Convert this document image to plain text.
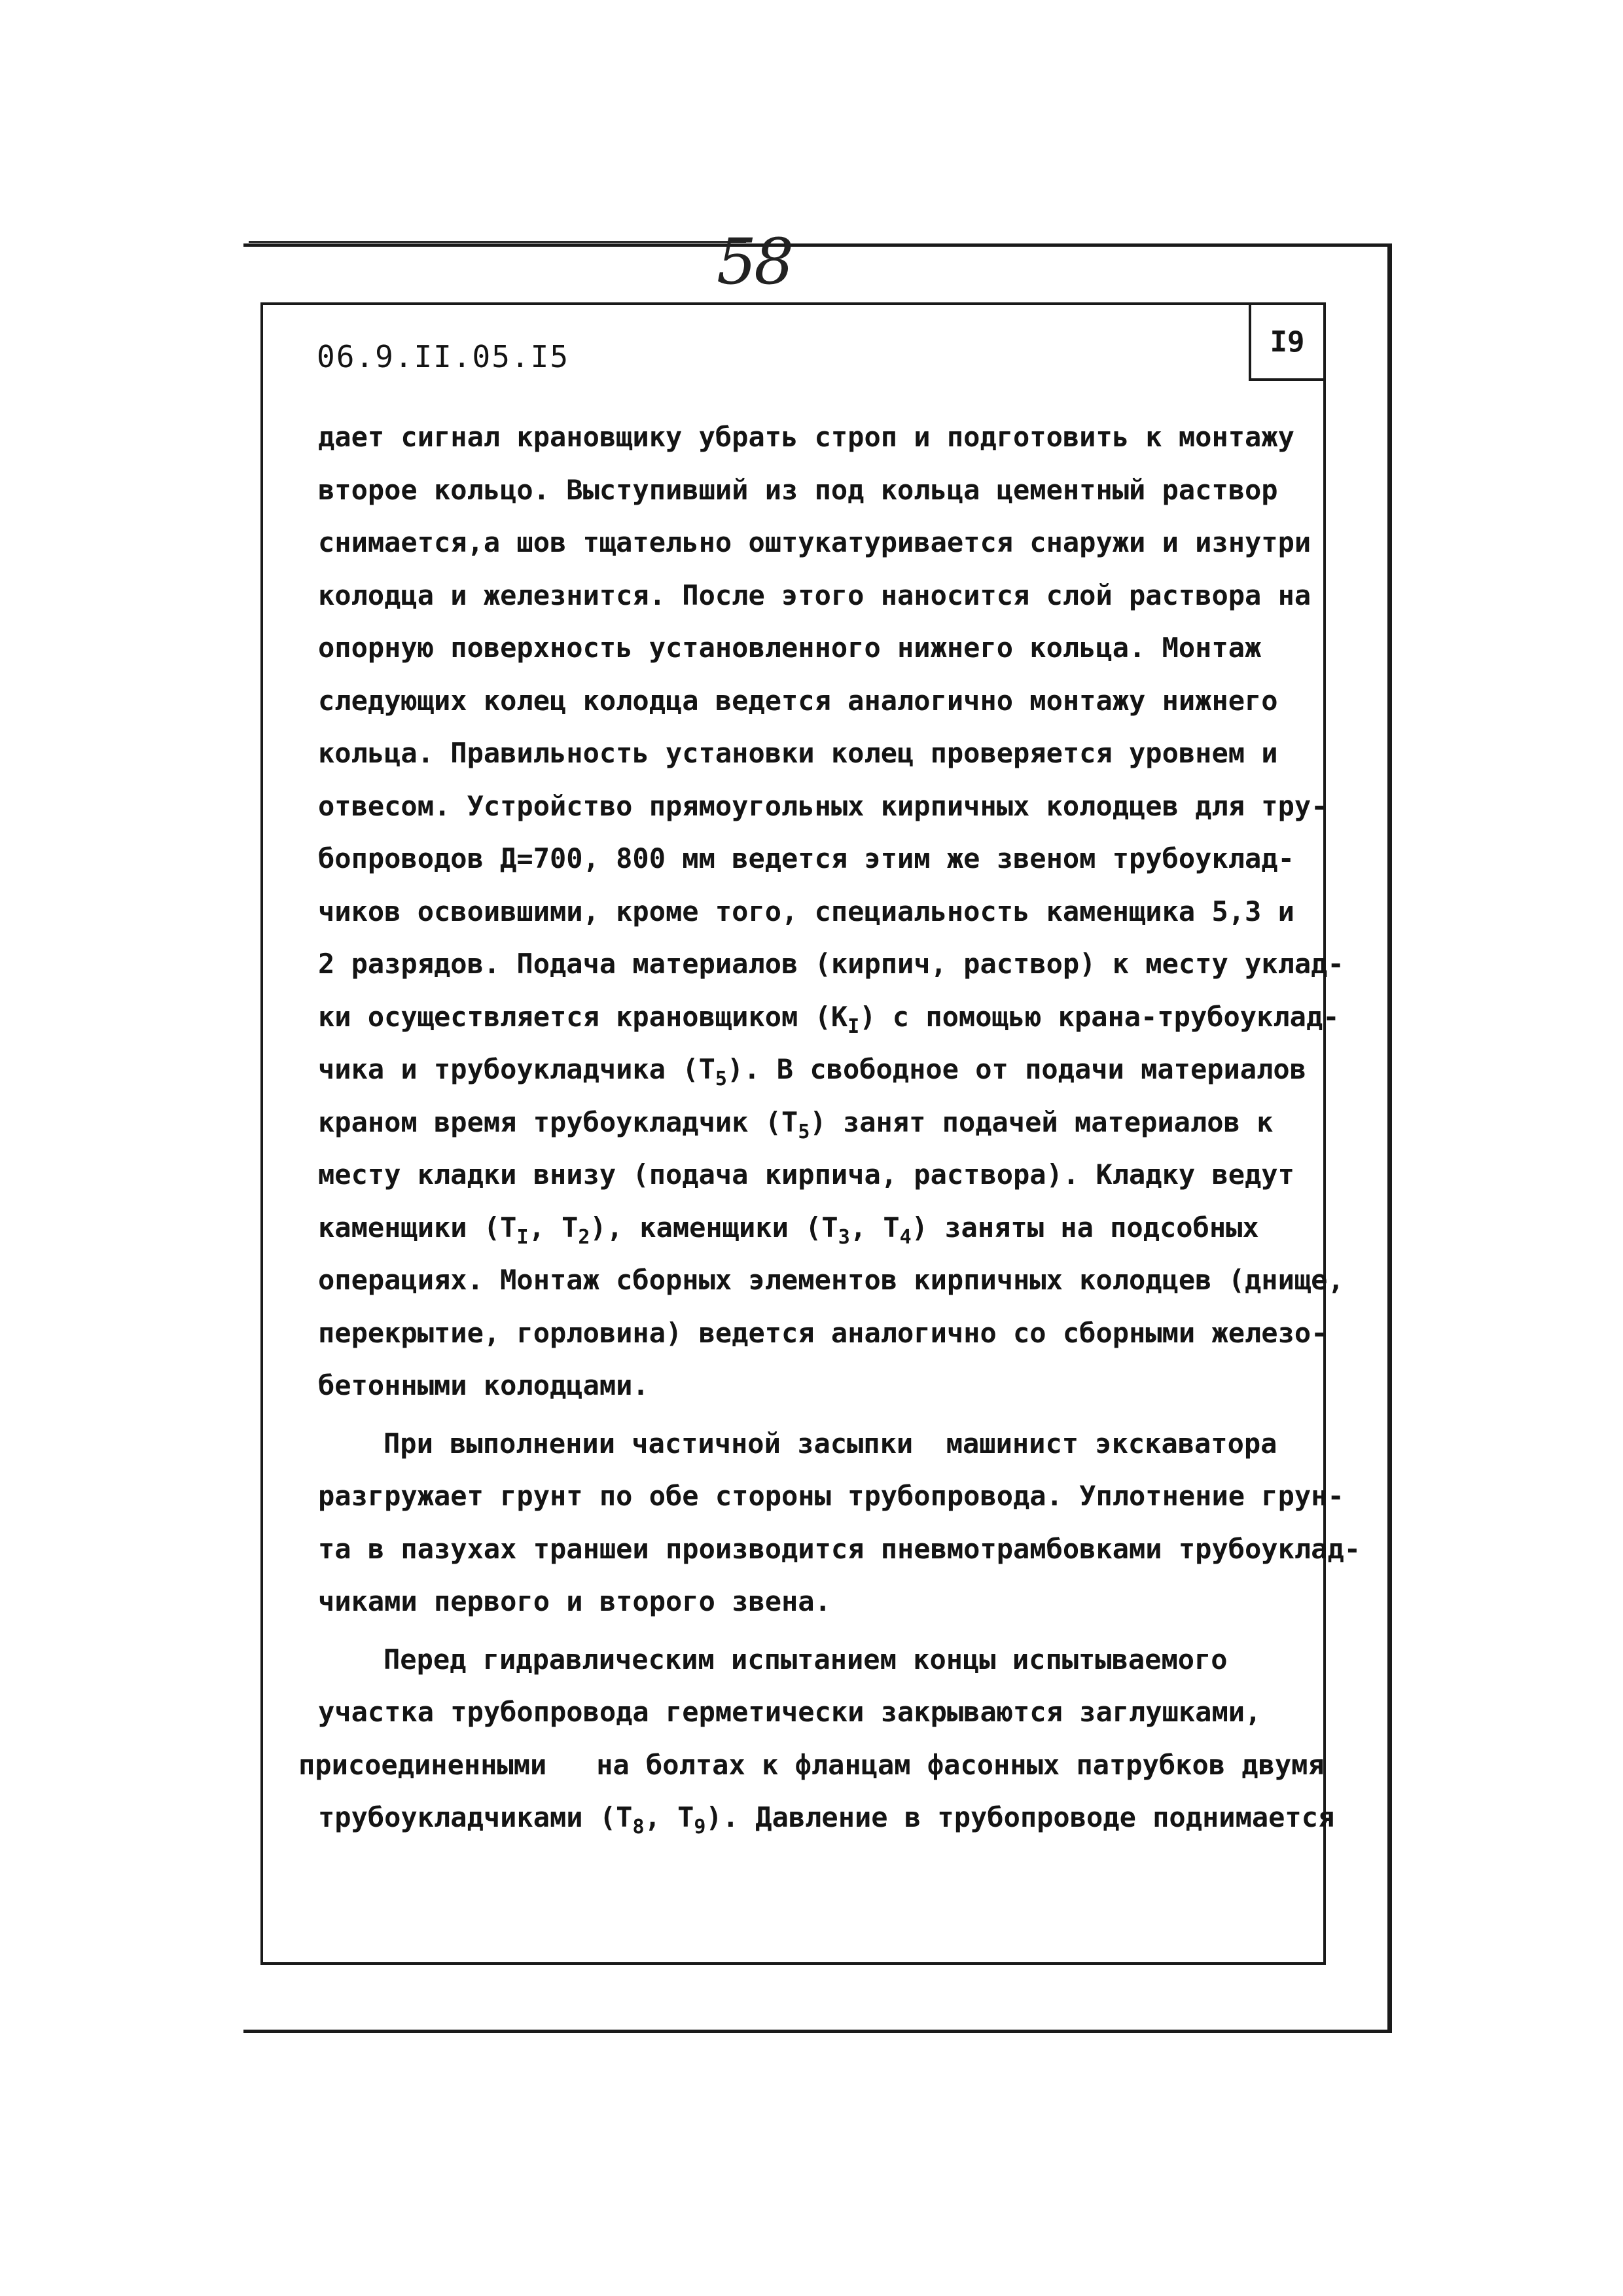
58
06.9.II.05.I5	I9
дает сигнал крановщику убрать строп и подготовить к монтажу
второе кольцо. Выступивший из под кольца цементный раствор
снимается,а шов тщательно оштукатуривается снаружи и изнутри
колодца и железнится. После этого наносится слой раствора на
опорную поверхность установленного нижнего кольца. Монтаж
следующих колец колодца ведется аналогично монтажу нижнего
кольца. Правильность установки колец проверяется уровнем и
отвесом. Устройство прямоугольных кирпичных колодцев для тру-
бопроводов Д=700, 800 мм ведется этим же звеном трубоуклад-
чиков освоившими, кроме того, специальность каменщика 5,3 и
2 разрядов. Подача материалов (кирпич, раствор) к месту уклад-
ки осуществляется крановщиком $(К_I)$ с помощью крана-трубоуклад-
чика и трубоукладчика $(Т_5)$. В свободное от подачи материалов
краном время трубоукладчик $(Т_5)$ занят подачей материалов к
месту кладки внизу (подача кирпича, раствора). Кладку ведут
каменщики ($Т_I$, $Т_2$), каменщики ($Т_3$, $Т_4$) заняты на подсобных
операциях. Монтаж сборных элементов кирпичных колодцев (днище,
перекрытие, горловина) ведется аналогично со сборными железо-
бетонными колодцами.
При выполнении частичной засыпки  машинист экскаватора
разгружает грунт по обе стороны трубопровода. Уплотнение грун-
та в пазухах траншеи производится пневмотрамбовками трубоуклад-
чиками первого и второго звена.
Перед гидравлическим испытанием концы испытываемого
участка трубопровода герметически закрываются заглушками,
присоединенными   на болтах к фланцам фасонных патрубков двумя
трубоукладчиками ($Т_8$, $Т_9$). Давление в трубопроводе поднимается
